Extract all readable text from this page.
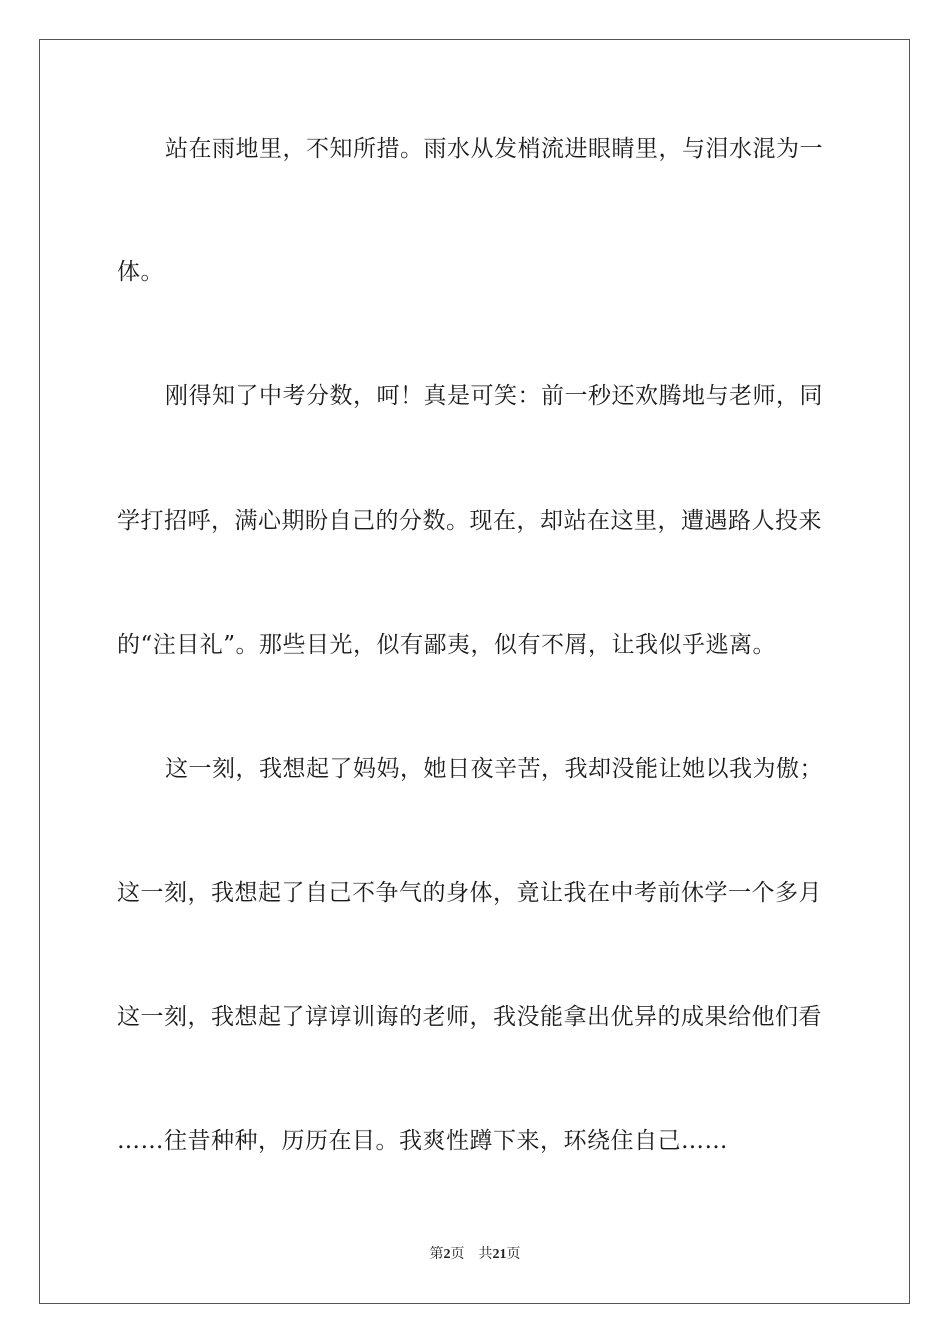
站在雨地里，不知所措。雨水从发梢流进眼睛里，与泪水混为一
体。
刚得知了中考分数，呵！真是可笑：前一秒还欢腾地与老师，同
学打招呼，满心期盼自己的分数。现在，却站在这里，遭遇路人投来
的“注目礼”。那些目光，似有鄙夷，似有不屑，让我似乎逃离。
这一刻，我想起了妈妈，她日夜辛苦，我却没能让她以我为傲；
这一刻，我想起了自己不争气的身体，竟让我在中考前休学一个多月
这一刻，我想起了谆谆训诲的老师，我没能拿出优异的成果给他们看
……往昔种种，历历在目。我爽性蹲下来，环绕住自己……
第2页 共21页
